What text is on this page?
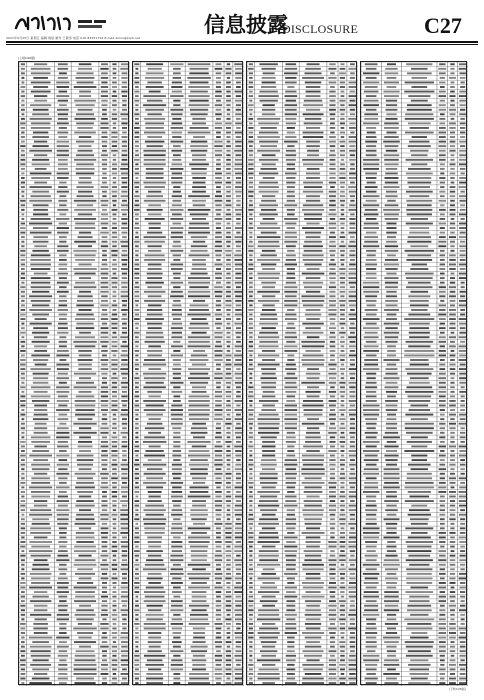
2021年6月25日 星期五 编辑 胡斌 制作 王敬涛 电话 010-83251716 E-mail:zmzx@zqrb.net
信息披露
DISCLOSURE	C27
(上接C26版)
(下转C28版)
